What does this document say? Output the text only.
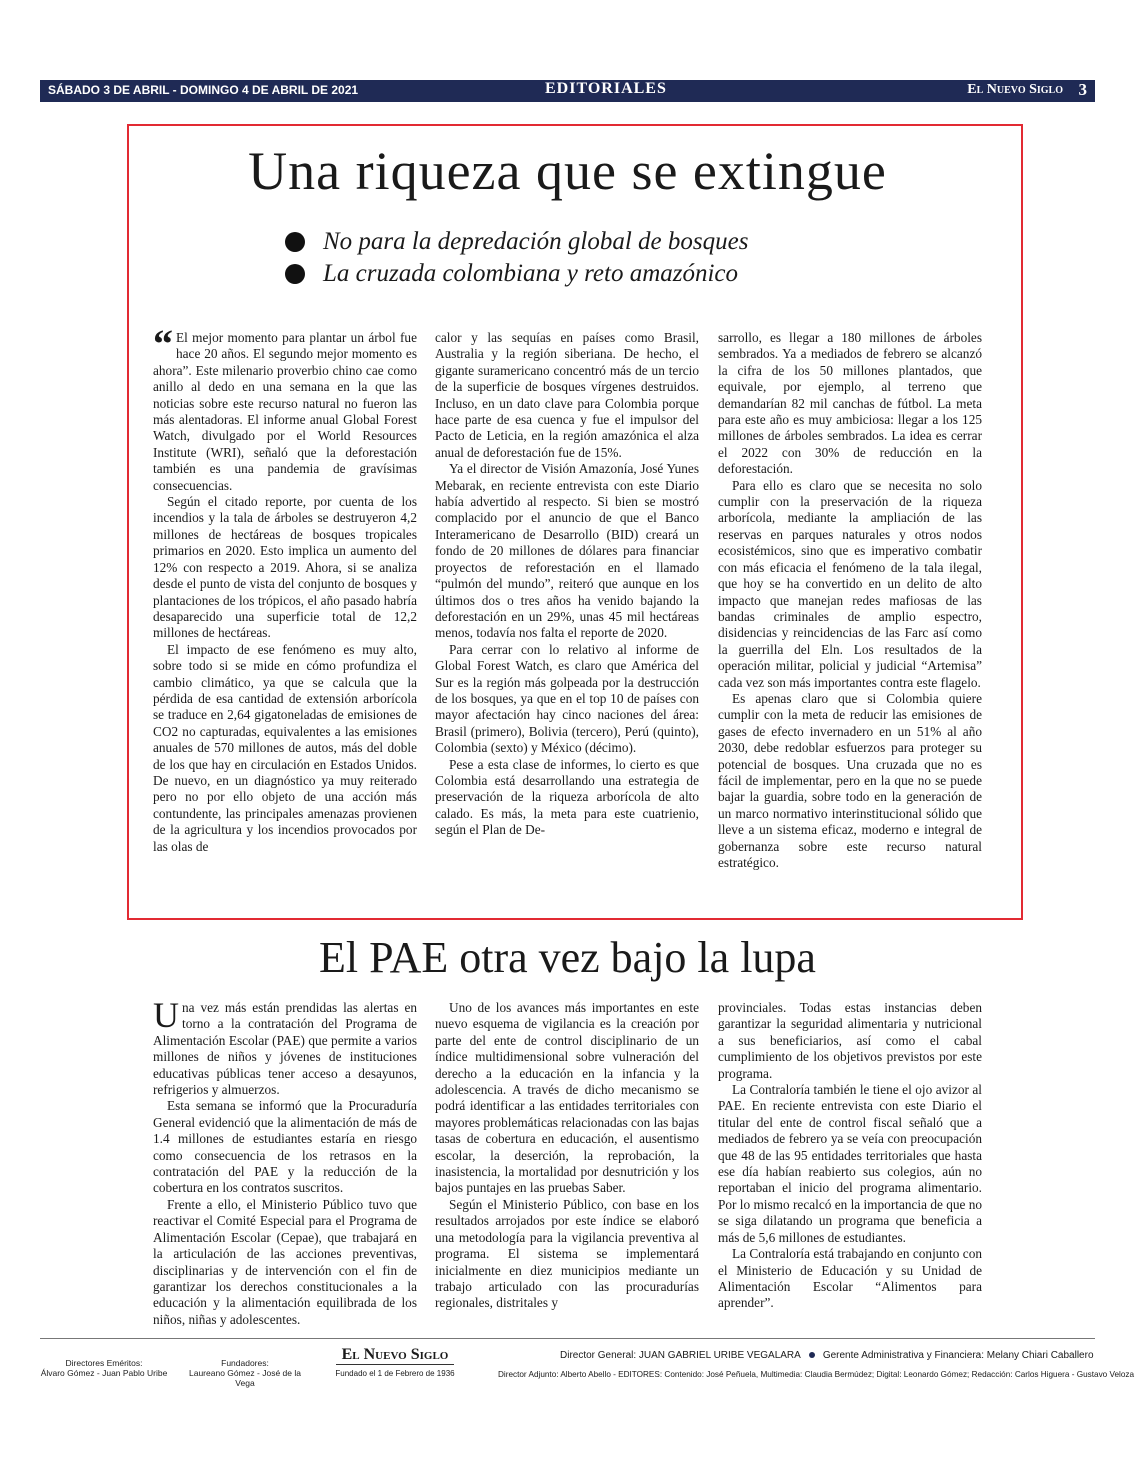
SÁBADO 3 DE ABRIL - DOMINGO 4 DE ABRIL DE 2021	EDITORIALES	El Nuevo Siglo 3
Una riqueza que se extingue
No para la depredación global de bosques
La cruzada colombiana y reto amazónico

“ El mejor momento para plantar un árbol fue hace 20 años. El segundo mejor momento es ahora”. Este milenario proverbio chino cae como anillo al dedo en una semana en la que las noticias sobre este recurso natural no fueron las más alentadoras. El informe anual Global Forest Watch, divulgado por el World Resources Institute (WRI), señaló que la deforestación también es una pandemia de gravísimas consecuencias.

Según el citado reporte, por cuenta de los incendios y la tala de árboles se destruyeron 4,2 millones de hectáreas de bosques tropicales primarios en 2020. Esto implica un aumento del 12% con respecto a 2019. Ahora, si se analiza desde el punto de vista del conjunto de bosques y plantaciones de los trópicos, el año pasado habría desaparecido una superficie total de 12,2 millones de hectáreas.

El impacto de ese fenómeno es muy alto, sobre todo si se mide en cómo profundiza el cambio climático, ya que se calcula que la pérdida de esa cantidad de extensión arborícola se traduce en 2,64 gigatoneladas de emisiones de CO2 no capturadas, equivalentes a las emisiones anuales de 570 millones de autos, más del doble de los que hay en circulación en Estados Unidos. De nuevo, en un diagnóstico ya muy reiterado pero no por ello objeto de una acción más contundente, las principales amenazas provienen de la agricultura y los incendios provocados por las olas de

calor y las sequías en países como Brasil, Australia y la región siberiana. De hecho, el gigante suramericano concentró más de un tercio de la superficie de bosques vírgenes destruidos. Incluso, en un dato clave para Colombia porque hace parte de esa cuenca y fue el impulsor del Pacto de Leticia, en la región amazónica el alza anual de deforestación fue de 15%.

Ya el director de Visión Amazonía, José Yunes Mebarak, en reciente entrevista con este Diario había advertido al respecto. Si bien se mostró complacido por el anuncio de que el Banco Interamericano de Desarrollo (BID) creará un fondo de 20 millones de dólares para financiar proyectos de reforestación en el llamado “pulmón del mundo”, reiteró que aunque en los últimos dos o tres años ha venido bajando la deforestación en un 29%, unas 45 mil hectáreas menos, todavía nos falta el reporte de 2020.

Para cerrar con lo relativo al informe de Global Forest Watch, es claro que América del Sur es la región más golpeada por la destrucción de los bosques, ya que en el top 10 de países con mayor afectación hay cinco naciones del área: Brasil (primero), Bolivia (tercero), Perú (quinto), Colombia (sexto) y México (décimo).

Pese a esta clase de informes, lo cierto es que Colombia está desarrollando una estrategia de preservación de la riqueza arborícola de alto calado. Es más, la meta para este cuatrienio, según el Plan de De-

sarrollo, es llegar a 180 millones de árboles sembrados. Ya a mediados de febrero se alcanzó la cifra de los 50 millones plantados, que equivale, por ejemplo, al terreno que demandarían 82 mil canchas de fútbol. La meta para este año es muy ambiciosa: llegar a los 125 millones de árboles sembrados. La idea es cerrar el 2022 con 30% de reducción en la deforestación.

Para ello es claro que se necesita no solo cumplir con la preservación de la riqueza arborícola, mediante la ampliación de las reservas en parques naturales y otros nodos ecosistémicos, sino que es imperativo combatir con más eficacia el fenómeno de la tala ilegal, que hoy se ha convertido en un delito de alto impacto que manejan redes mafiosas de las bandas criminales de amplio espectro, disidencias y reincidencias de las Farc así como la guerrilla del Eln. Los resultados de la operación militar, policial y judicial “Artemisa” cada vez son más importantes contra este flagelo.

Es apenas claro que si Colombia quiere cumplir con la meta de reducir las emisiones de gases de efecto invernadero en un 51% al año 2030, debe redoblar esfuerzos para proteger su potencial de bosques. Una cruzada que no es fácil de implementar, pero en la que no se puede bajar la guardia, sobre todo en la generación de un marco normativo interinstitucional sólido que lleve a un sistema eficaz, moderno e integral de gobernanza sobre este recurso natural estratégico.

El PAE otra vez bajo la lupa

Una vez más están prendidas las alertas en torno a la contratación del Programa de Alimentación Escolar (PAE) que permite a varios millones de niños y jóvenes de instituciones educativas públicas tener acceso a desayunos, refrigerios y almuerzos.

Esta semana se informó que la Procuraduría General evidenció que la alimentación de más de 1.4 millones de estudiantes estaría en riesgo como consecuencia de los retrasos en la contratación del PAE y la reducción de la cobertura en los contratos suscritos.

Frente a ello, el Ministerio Público tuvo que reactivar el Comité Especial para el Programa de Alimentación Escolar (Cepae), que trabajará en la articulación de las acciones preventivas, disciplinarias y de intervención con el fin de garantizar los derechos constitucionales a la educación y la alimentación equilibrada de los niños, niñas y adolescentes.

Uno de los avances más importantes en este nuevo esquema de vigilancia es la creación por parte del ente de control disciplinario de un índice multidimensional sobre vulneración del derecho a la educación en la infancia y la adolescencia. A través de dicho mecanismo se podrá identificar a las entidades territoriales con mayores problemáticas relacionadas con las bajas tasas de cobertura en educación, el ausentismo escolar, la deserción, la reprobación, la inasistencia, la mortalidad por desnutrición y los bajos puntajes en las pruebas Saber.

Según el Ministerio Público, con base en los resultados arrojados por este índice se elaboró una metodología para la vigilancia preventiva al programa. El sistema se implementará inicialmente en diez municipios mediante un trabajo articulado con las procuradurías regionales, distritales y

provinciales. Todas estas instancias deben garantizar la seguridad alimentaria y nutricional a sus beneficiarios, así como el cabal cumplimiento de los objetivos previstos por este programa.

La Contraloría también le tiene el ojo avizor al PAE. En reciente entrevista con este Diario el titular del ente de control fiscal señaló que a mediados de febrero ya se veía con preocupación que 48 de las 95 entidades territoriales que hasta ese día habían reabierto sus colegios, aún no reportaban el inicio del programa alimentario. Por lo mismo recalcó en la importancia de que no se siga dilatando un programa que beneficia a más de 5,6 millones de estudiantes.

La Contraloría está trabajando en conjunto con el Ministerio de Educación y su Unidad de Alimentación Escolar “Alimentos para aprender”.

Directores Eméritos:
Álvaro Gómez - Juan Pablo Uribe
Fundadores:
Laureano Gómez - José de la Vega
El Nuevo Siglo
Fundado el 1 de Febrero de 1936
Director General: JUAN GABRIEL URIBE VEGALARA Gerente Administrativa y Financiera: Melany Chiari Caballero
Director Adjunto: Alberto Abello - EDITORES: Contenido: José Peñuela, Multimedia: Claudia Bermúdez; Digital: Leonardo Gómez; Redacción: Carlos Higuera - Gustavo Veloza
